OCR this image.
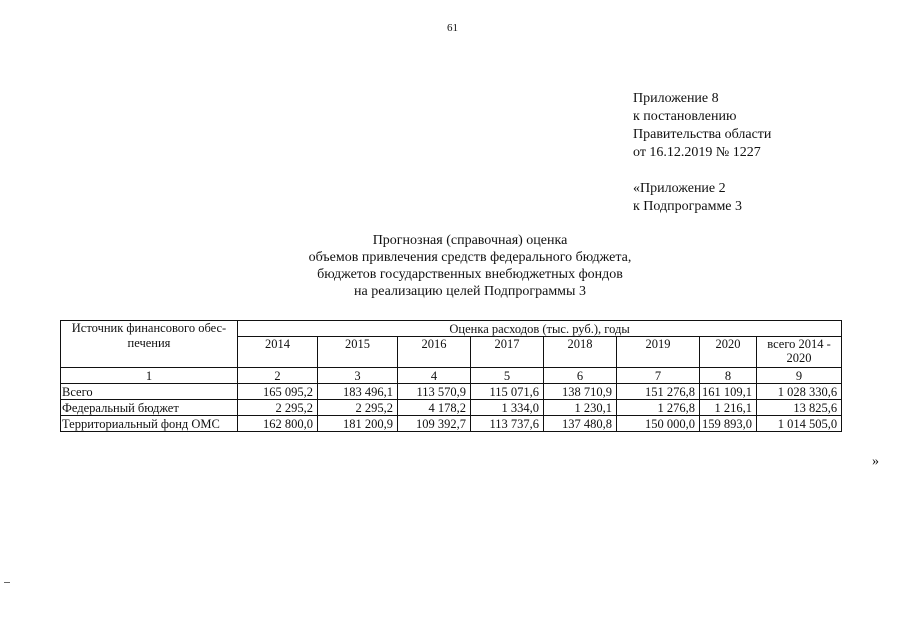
61
Приложение 8
к постановлению
Правительства области
от 16.12.2019 № 1227
«Приложение 2
к Подпрограмме 3
Прогнозная (справочная) оценка
объемов привлечения средств федерального бюджета,
бюджетов государственных внебюджетных фондов
на реализацию целей Подпрограммы 3
Источник финансового обес-печения	Оценка расходов (тыс. руб.), годы							
	2014	2015	2016	2017	2018	2019	2020	всего 2014 - 2020
1	2	3	4	5	6	7	8	9
Всего	165 095,2	183 496,1	113 570,9	115 071,6	138 710,9	151 276,8	161 109,1	1 028 330,6
Федеральный бюджет	2 295,2	2 295,2	4 178,2	1 334,0	1 230,1	1 276,8	1 216,1	13 825,6
Территориальный фонд ОМС	162 800,0	181 200,9	109 392,7	113 737,6	137 480,8	150 000,0	159 893,0	1 014 505,0
»
